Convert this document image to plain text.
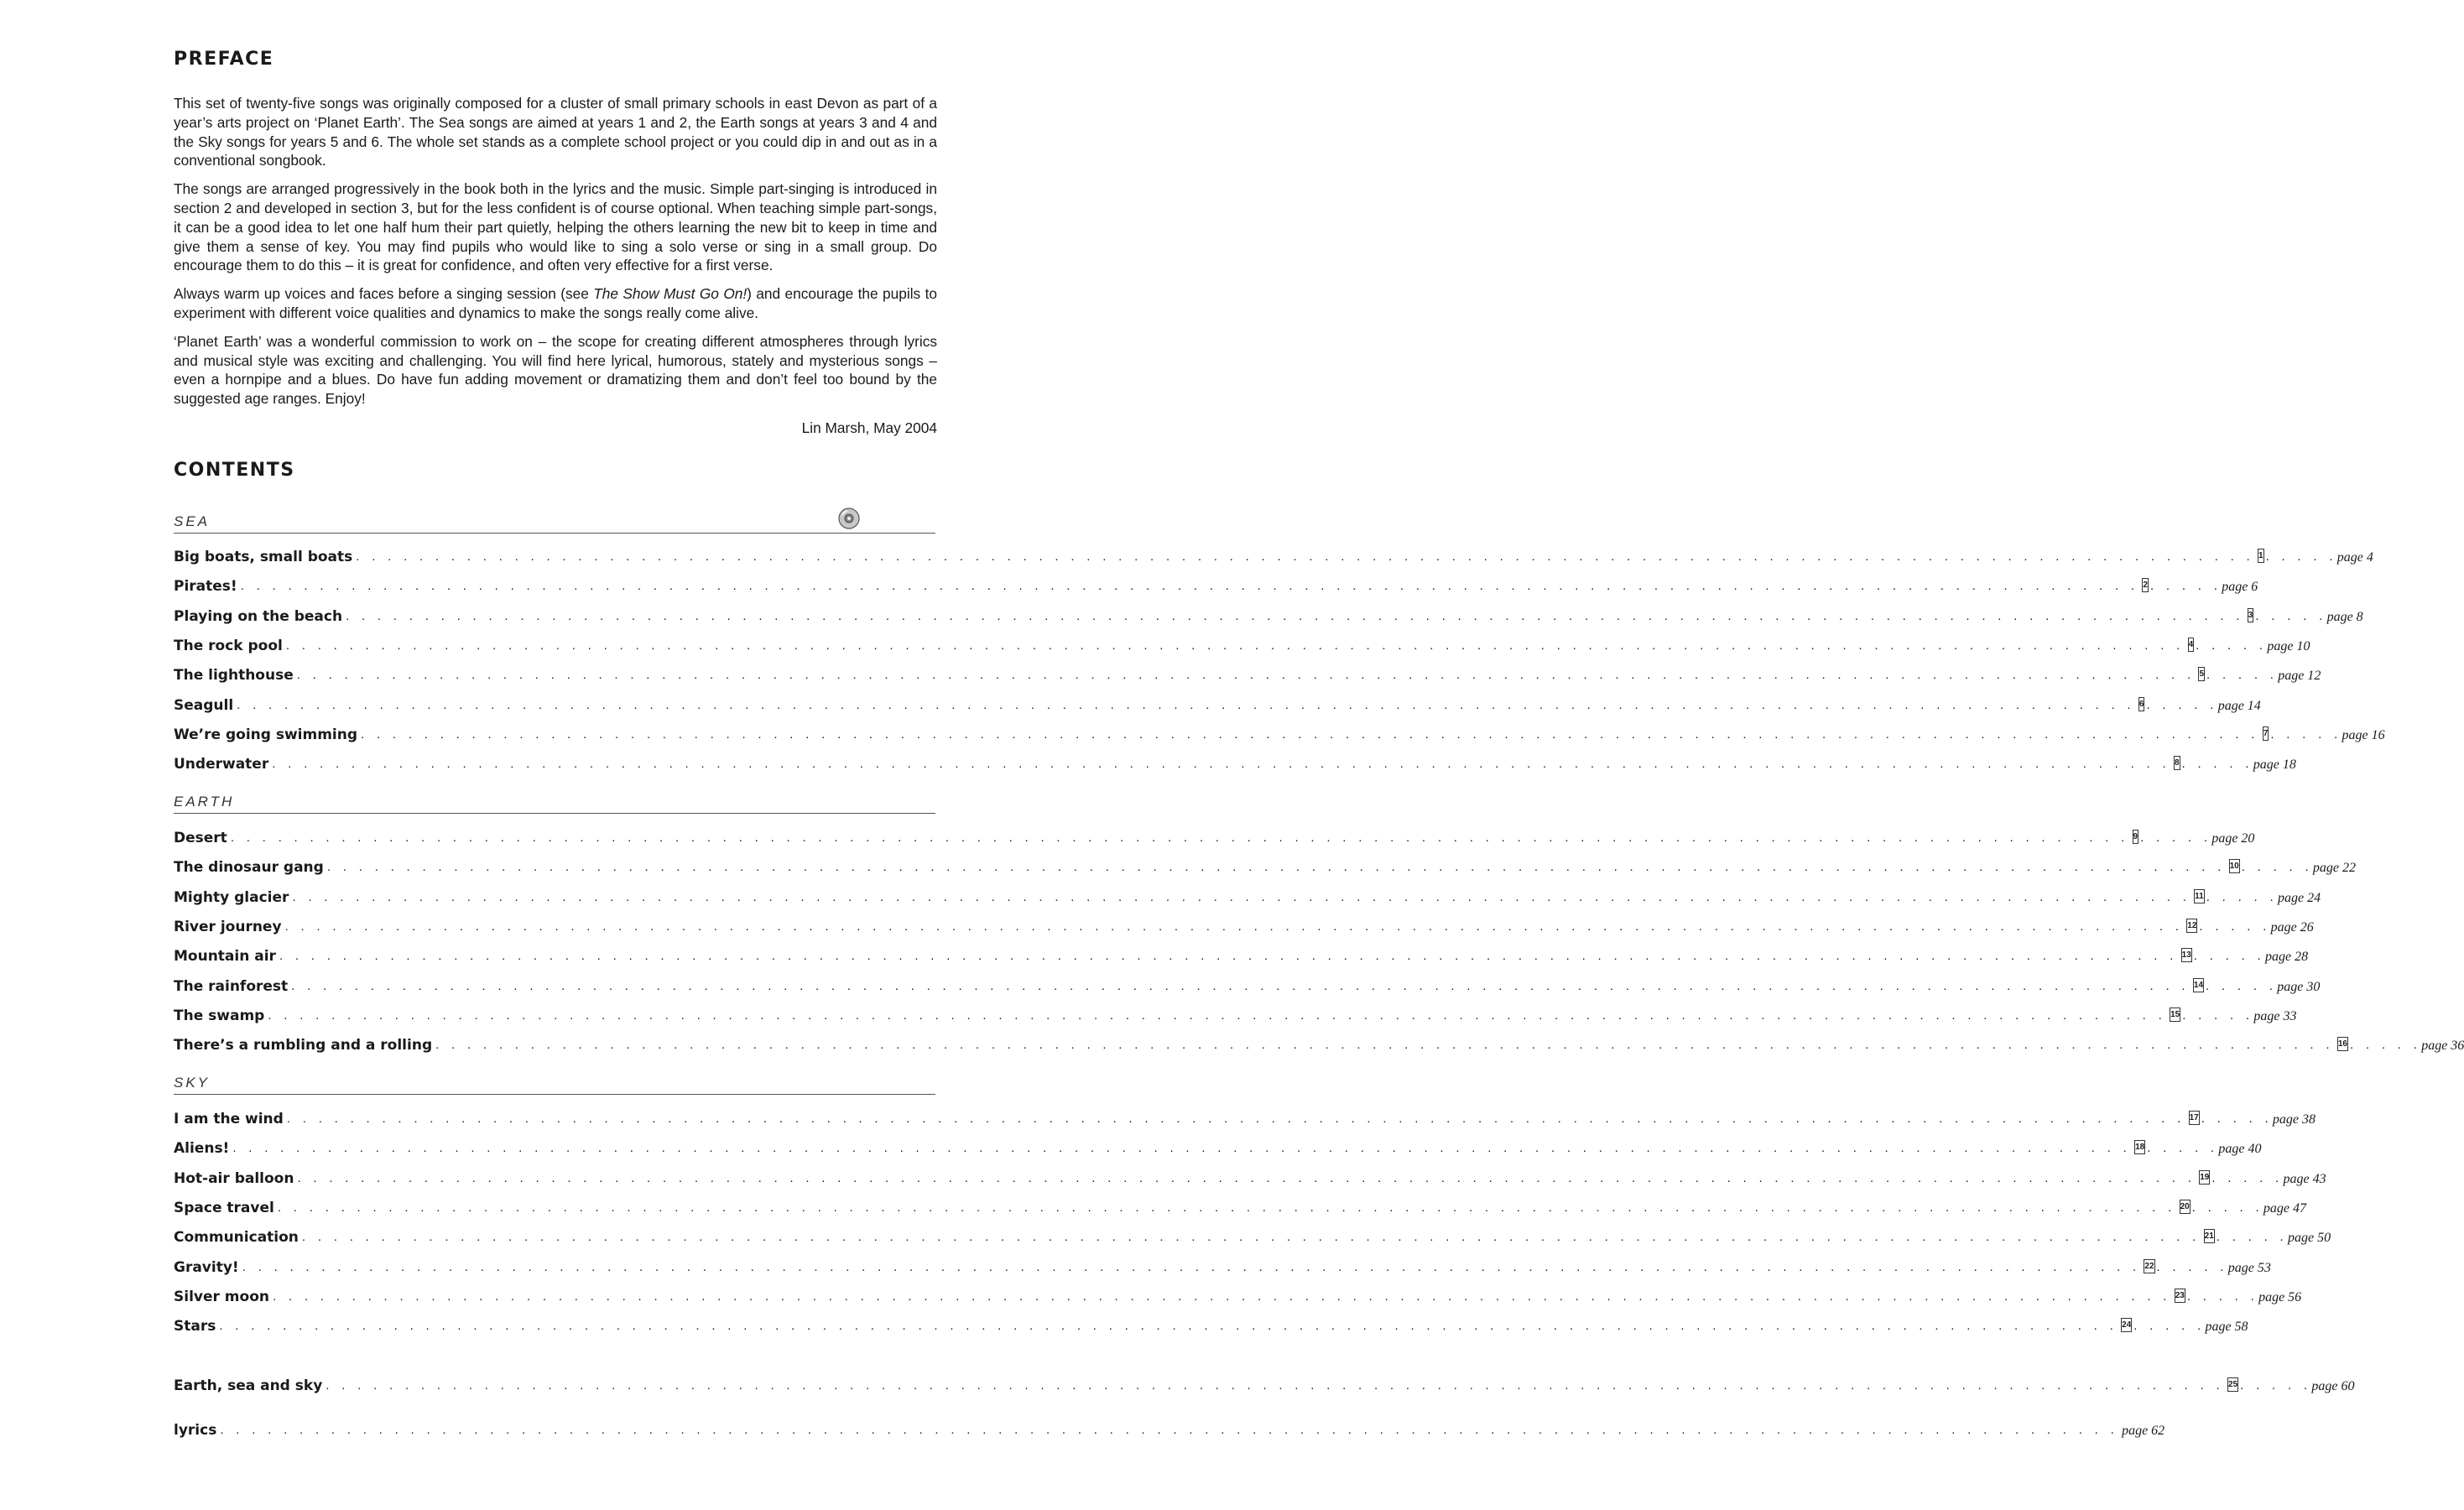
PREFACE

This set of twenty-five songs was originally composed for a cluster of small primary schools in east Devon as part of a year’s arts project on ‘Planet Earth’. The Sea songs are aimed at years 1 and 2, the Earth songs at years 3 and 4 and the Sky songs for years 5 and 6. The whole set stands as a complete school project or you could dip in and out as in a conventional songbook.

The songs are arranged progressively in the book both in the lyrics and the music. Simple part-singing is introduced in section 2 and developed in section 3, but for the less confident is of course optional. When teaching simple part-songs, it can be a good idea to let one half hum their part quietly, helping the others learning the new bit to keep in time and give them a sense of key. You may find pupils who would like to sing a solo verse or sing in a small group. Do encourage them to do this – it is great for confidence, and often very effective for a first verse.

Always warm up voices and faces before a singing session (see The Show Must Go On!) and encourage the pupils to experiment with different voice qualities and dynamics to make the songs really come alive.

‘Planet Earth’ was a wonderful commission to work on – the scope for creating different atmospheres through lyrics and musical style was exciting and challenging. You will find here lyrical, humorous, stately and mysterious songs – even a hornpipe and a blues. Do have fun adding movement or dramatizing them and don’t feel too bound by the suggested age ranges. Enjoy!

Lin Marsh, May 2004
CONTENTS
SEA
Big boats, small boats . . . . . . . . . . . . . . . . . . . . . . . . . . . . . . . . . . . . . . . . . . . . . . . . . . . . . . . . . . . . . . . . . . . . . . . . . . . . . . . . . . . . . . . . . . . . . . . . . . . . . . . . . . . . . . . . . . . . . . . . 1 . . . . . page 4
Pirates! . . . . . . . . . . . . . . . . . . . . . . . . . . . . . . . . . . . . . . . . . . . . . . . . . . . . . . . . . . . . . . . . . . . . . . . . . . . . . . . . . . . . . . . . . . . . . . . . . . . . . . . . . . . . . . . . . . . . . . . . 2 . . . . . page 6
Playing on the beach . . . . . . . . . . . . . . . . . . . . . . . . . . . . . . . . . . . . . . . . . . . . . . . . . . . . . . . . . . . . . . . . . . . . . . . . . . . . . . . . . . . . . . . . . . . . . . . . . . . . . . . . . . . . . . . . . . . . . . . . 3 . . . . . page 8
The rock pool . . . . . . . . . . . . . . . . . . . . . . . . . . . . . . . . . . . . . . . . . . . . . . . . . . . . . . . . . . . . . . . . . . . . . . . . . . . . . . . . . . . . . . . . . . . . . . . . . . . . . . . . . . . . . . . . . . . . . . . . 4 . . . . . page 10
The lighthouse . . . . . . . . . . . . . . . . . . . . . . . . . . . . . . . . . . . . . . . . . . . . . . . . . . . . . . . . . . . . . . . . . . . . . . . . . . . . . . . . . . . . . . . . . . . . . . . . . . . . . . . . . . . . . . . . . . . . . . . . 5 . . . . . page 12
Seagull . . . . . . . . . . . . . . . . . . . . . . . . . . . . . . . . . . . . . . . . . . . . . . . . . . . . . . . . . . . . . . . . . . . . . . . . . . . . . . . . . . . . . . . . . . . . . . . . . . . . . . . . . . . . . . . . . . . . . . . . 6 . . . . . page 14
We’re going swimming . . . . . . . . . . . . . . . . . . . . . . . . . . . . . . . . . . . . . . . . . . . . . . . . . . . . . . . . . . . . . . . . . . . . . . . . . . . . . . . . . . . . . . . . . . . . . . . . . . . . . . . . . . . . . . . . . . . . . . . . 7 . . . . . page 16
Underwater . . . . . . . . . . . . . . . . . . . . . . . . . . . . . . . . . . . . . . . . . . . . . . . . . . . . . . . . . . . . . . . . . . . . . . . . . . . . . . . . . . . . . . . . . . . . . . . . . . . . . . . . . . . . . . . . . . . . . . . . 8 . . . . . page 18
EARTH
Desert . . . . . . . . . . . . . . . . . . . . . . . . . . . . . . . . . . . . . . . . . . . . . . . . . . . . . . . . . . . . . . . . . . . . . . . . . . . . . . . . . . . . . . . . . . . . . . . . . . . . . . . . . . . . . . . . . . . . . . . . 9 . . . . . page 20
The dinosaur gang . . . . . . . . . . . . . . . . . . . . . . . . . . . . . . . . . . . . . . . . . . . . . . . . . . . . . . . . . . . . . . . . . . . . . . . . . . . . . . . . . . . . . . . . . . . . . . . . . . . . . . . . . . . . . . . . . . . . . . . . 10 . . . . . page 22
Mighty glacier . . . . . . . . . . . . . . . . . . . . . . . . . . . . . . . . . . . . . . . . . . . . . . . . . . . . . . . . . . . . . . . . . . . . . . . . . . . . . . . . . . . . . . . . . . . . . . . . . . . . . . . . . . . . . . . . . . . . . . . . 11 . . . . . page 24
River journey . . . . . . . . . . . . . . . . . . . . . . . . . . . . . . . . . . . . . . . . . . . . . . . . . . . . . . . . . . . . . . . . . . . . . . . . . . . . . . . . . . . . . . . . . . . . . . . . . . . . . . . . . . . . . . . . . . . . . . . . 12 . . . . . page 26
Mountain air . . . . . . . . . . . . . . . . . . . . . . . . . . . . . . . . . . . . . . . . . . . . . . . . . . . . . . . . . . . . . . . . . . . . . . . . . . . . . . . . . . . . . . . . . . . . . . . . . . . . . . . . . . . . . . . . . . . . . . . . 13 . . . . . page 28
The rainforest . . . . . . . . . . . . . . . . . . . . . . . . . . . . . . . . . . . . . . . . . . . . . . . . . . . . . . . . . . . . . . . . . . . . . . . . . . . . . . . . . . . . . . . . . . . . . . . . . . . . . . . . . . . . . . . . . . . . . . . . 14 . . . . . page 30
The swamp . . . . . . . . . . . . . . . . . . . . . . . . . . . . . . . . . . . . . . . . . . . . . . . . . . . . . . . . . . . . . . . . . . . . . . . . . . . . . . . . . . . . . . . . . . . . . . . . . . . . . . . . . . . . . . . . . . . . . . . . 15 . . . . . page 33
There’s a rumbling and a rolling . . . . . . . . . . . . . . . . . . . . . . . . . . . . . . . . . . . . . . . . . . . . . . . . . . . . . . . . . . . . . . . . . . . . . . . . . . . . . . . . . . . . . . . . . . . . . . . . . . . . . . . . . . . . . . . . . . . . . . . . 16 . . . . . page 36
SKY
I am the wind . . . . . . . . . . . . . . . . . . . . . . . . . . . . . . . . . . . . . . . . . . . . . . . . . . . . . . . . . . . . . . . . . . . . . . . . . . . . . . . . . . . . . . . . . . . . . . . . . . . . . . . . . . . . . . . . . . . . . . . . 17 . . . . . page 38
Aliens! . . . . . . . . . . . . . . . . . . . . . . . . . . . . . . . . . . . . . . . . . . . . . . . . . . . . . . . . . . . . . . . . . . . . . . . . . . . . . . . . . . . . . . . . . . . . . . . . . . . . . . . . . . . . . . . . . . . . . . . . 18 . . . . . page 40
Hot-air balloon . . . . . . . . . . . . . . . . . . . . . . . . . . . . . . . . . . . . . . . . . . . . . . . . . . . . . . . . . . . . . . . . . . . . . . . . . . . . . . . . . . . . . . . . . . . . . . . . . . . . . . . . . . . . . . . . . . . . . . . . 19 . . . . . page 43
Space travel . . . . . . . . . . . . . . . . . . . . . . . . . . . . . . . . . . . . . . . . . . . . . . . . . . . . . . . . . . . . . . . . . . . . . . . . . . . . . . . . . . . . . . . . . . . . . . . . . . . . . . . . . . . . . . . . . . . . . . . . 20 . . . . . page 47
Communication . . . . . . . . . . . . . . . . . . . . . . . . . . . . . . . . . . . . . . . . . . . . . . . . . . . . . . . . . . . . . . . . . . . . . . . . . . . . . . . . . . . . . . . . . . . . . . . . . . . . . . . . . . . . . . . . . . . . . . . . 21 . . . . . page 50
Gravity! . . . . . . . . . . . . . . . . . . . . . . . . . . . . . . . . . . . . . . . . . . . . . . . . . . . . . . . . . . . . . . . . . . . . . . . . . . . . . . . . . . . . . . . . . . . . . . . . . . . . . . . . . . . . . . . . . . . . . . . . 22 . . . . . page 53
Silver moon . . . . . . . . . . . . . . . . . . . . . . . . . . . . . . . . . . . . . . . . . . . . . . . . . . . . . . . . . . . . . . . . . . . . . . . . . . . . . . . . . . . . . . . . . . . . . . . . . . . . . . . . . . . . . . . . . . . . . . . . 23 . . . . . page 56
Stars . . . . . . . . . . . . . . . . . . . . . . . . . . . . . . . . . . . . . . . . . . . . . . . . . . . . . . . . . . . . . . . . . . . . . . . . . . . . . . . . . . . . . . . . . . . . . . . . . . . . . . . . . . . . . . . . . . . . . . . . 24 . . . . . page 58
Earth, sea and sky . . . . . . . . . . . . . . . . . . . . . . . . . . . . . . . . . . . . . . . . . . . . . . . . . . . . . . . . . . . . . . . . . . . . . . . . . . . . . . . . . . . . . . . . . . . . . . . . . . . . . . . . . . . . . . . . . . . . . . . . 25 . . . . . page 60
lyrics . . . . . . . . . . . . . . . . . . . . . . . . . . . . . . . . . . . . . . . . . . . . . . . . . . . . . . . . . . . . . . . . . . . . . . . . . . . . . . . . . . . . . . . . . . . . . . . . . . . . . . . . . . . . . . . . . . . . . . . . page 62
